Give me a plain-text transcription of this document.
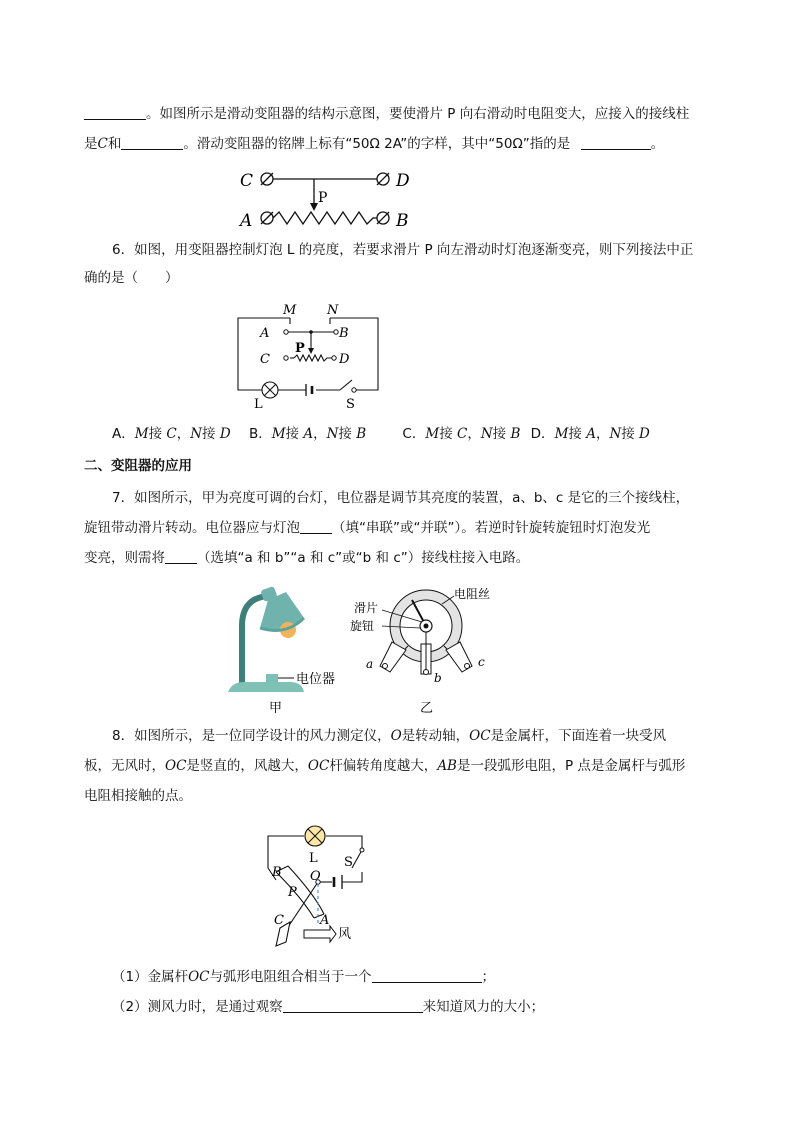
。如图所示是滑动变阻器的结构示意图，要使滑片 P 向右滑动时电阻变大，应接入的接线柱
是C和	。滑动变阻器的铭牌上标有“50Ω 2A”的字样，其中“50Ω”指的是	。
C	D
P
A	B
6．如图，用变阻器控制灯泡 L 的亮度，若要求滑片 P 向左滑动时灯泡逐渐变亮，则下列接法中正
确的是（　　）
M N
A	B
P
C	D
L	S
A．M接 C，N接 D B．M接 A，N接 B	C．M接 C，N接 B D．M接 A，N接 D
二、变阻器的应用
7．如图所示，甲为亮度可调的台灯，电位器是调节其亮度的装置，a、b、c 是它的三个接线柱，
旋钮带动滑片转动。电位器应与灯泡 （填“串联”或“并联”）。若逆时针旋转旋钮时灯泡发光
变亮，则需将 （选填“a 和 b”“a 和 c”或“b 和 c”）接线柱接入电路。
电位器
甲
滑片
旋钮
电阻丝
a	c
b
乙
8．如图所示，是一位同学设计的风力测定仪，O是转动轴，OC是金属杆，下面连着一块受风
板，无风时，OC是竖直的，风越大，OC杆偏转角度越大，AB是一段弧形电阻，P 点是金属杆与弧形
电阻相接触的点。
L S
B O
P
C	A
风
（1）金属杆OC与弧形电阻组合相当于一个	；
（2）测风力时，是通过观察	来知道风力的大小；
